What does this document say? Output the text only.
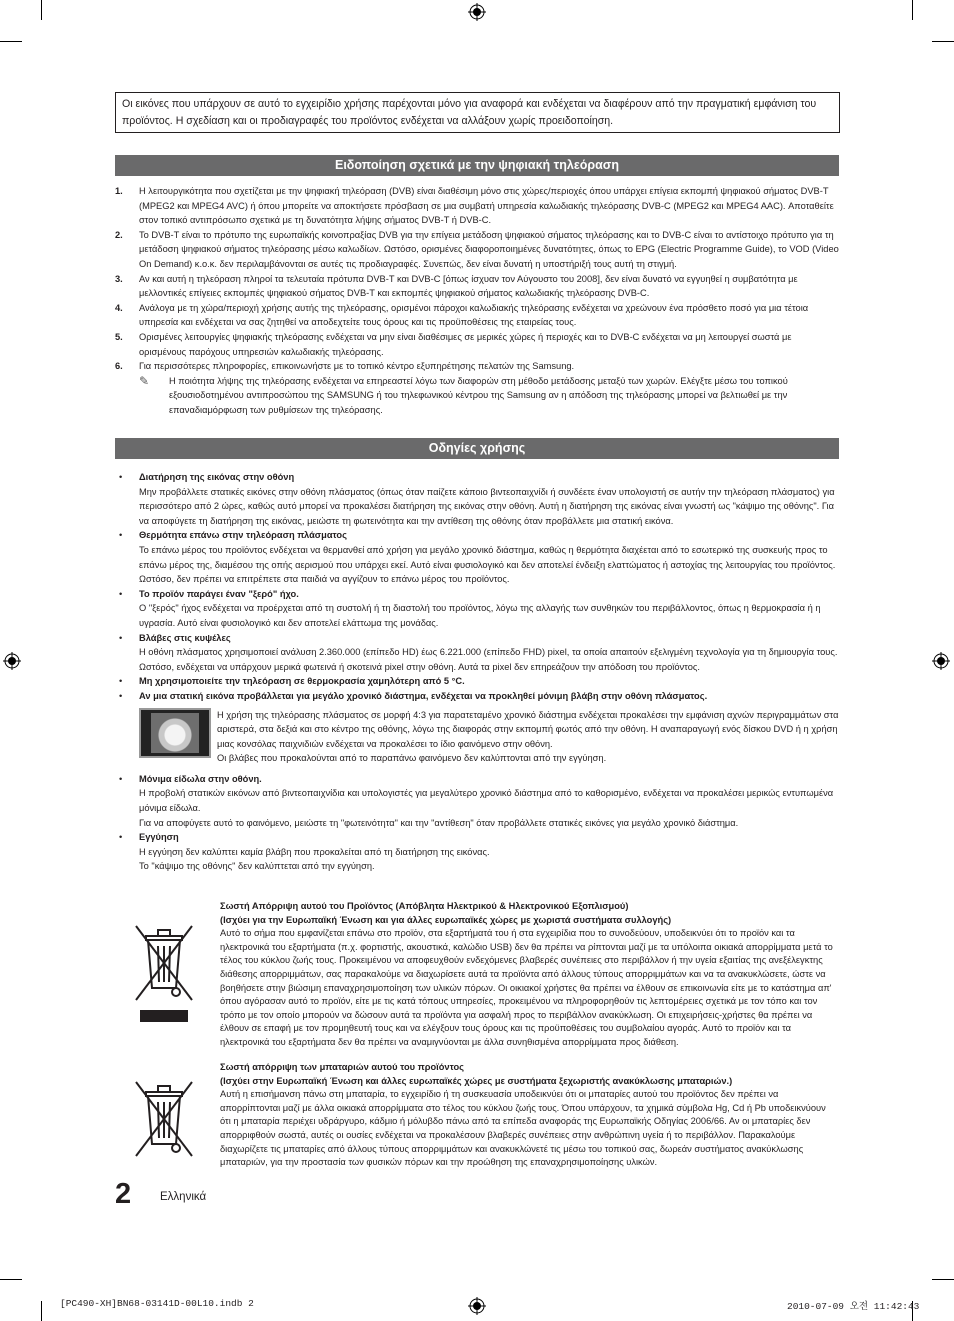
Οι εικόνες που υπάρχουν σε αυτό το εγχειρίδιο χρήσης παρέχονται μόνο για αναφορά και ενδέχεται να διαφέρουν από την πραγματική εμφάνιση του προϊόντος. Η σχεδίαση και οι προδιαγραφές του προϊόντος ενδέχεται να αλλάξουν χωρίς προειδοποίηση.
Ειδοποίηση σχετικά με την ψηφιακή τηλεόραση
1.	Η λειτουργικότητα που σχετίζεται με την ψηφιακή τηλεόραση (DVB) είναι διαθέσιμη μόνο στις χώρες/περιοχές όπου υπάρχει επίγεια εκπομπή ψηφιακού σήματος DVB-T (MPEG2 και MPEG4 AVC) ή όπου μπορείτε να αποκτήσετε πρόσβαση σε μια συμβατή υπηρεσία καλωδιακής τηλεόρασης DVB-C (MPEG2 και MPEG4 AAC). Αποταθείτε στον τοπικό αντιπρόσωπο σχετικά με τη δυνατότητα λήψης σήματος DVB-T ή DVB-C.
2.	Το DVB-T είναι το πρότυπο της ευρωπαϊκής κοινοπραξίας DVB για την επίγεια μετάδοση ψηφιακού σήματος τηλεόρασης και το DVB-C είναι το αντίστοιχο πρότυπο για τη μετάδοση ψηφιακού σήματος τηλεόρασης μέσω καλωδίων. Ωστόσο, ορισμένες διαφοροποιημένες δυνατότητες, όπως το EPG (Electric Programme Guide), το VOD (Video On Demand) κ.ο.κ. δεν περιλαμβάνονται σε αυτές τις προδιαγραφές. Συνεπώς, δεν είναι δυνατή η υποστήριξή τους αυτή τη στιγμή.
3.	Αν και αυτή η τηλεόραση πληροί τα τελευταία πρότυπα DVB-T και DVB-C [όπως ίσχυαν τον Αύγουστο του 2008], δεν είναι δυνατό να εγγυηθεί η συμβατότητα με μελλοντικές επίγειες εκπομπές ψηφιακού σήματος DVB-T και εκπομπές ψηφιακού σήματος καλωδιακής τηλεόρασης DVB-C.
4.	Ανάλογα με τη χώρα/περιοχή χρήσης αυτής της τηλεόρασης, ορισμένοι πάροχοι καλωδιακής τηλεόρασης ενδέχεται να χρεώνουν ένα πρόσθετο ποσό για μια τέτοια υπηρεσία και ενδέχεται να σας ζητηθεί να αποδεχτείτε τους όρους και τις προϋποθέσεις της εταιρείας τους.
5.	Ορισμένες λειτουργίες ψηφιακής τηλεόρασης ενδέχεται να μην είναι διαθέσιμες σε μερικές χώρες ή περιοχές και το DVB-C ενδέχεται να μη λειτουργεί σωστά με ορισμένους παρόχους υπηρεσιών καλωδιακής τηλεόρασης.
6.	Για περισσότερες πληροφορίες, επικοινωνήστε με το τοπικό κέντρο εξυπηρέτησης πελατών της Samsung.
✎	Η ποιότητα λήψης της τηλεόρασης ενδέχεται να επηρεαστεί λόγω των διαφορών στη μέθοδο μετάδοσης μεταξύ των χωρών. Ελέγξτε μέσω του τοπικού εξουσιοδοτημένου αντιπροσώπου της SAMSUNG ή του τηλεφωνικού κέντρου της Samsung αν η απόδοση της τηλεόρασης μπορεί να βελτιωθεί με την επαναδιαμόρφωση των ρυθμίσεων της τηλεόρασης.
Οδηγίες χρήσης
•	Διατήρηση της εικόνας στην οθόνη
Μην προβάλλετε στατικές εικόνες στην οθόνη πλάσματος (όπως όταν παίζετε κάποιο βιντεοπαιχνίδι ή συνδέετε έναν υπολογιστή σε αυτήν την τηλεόραση πλάσματος) για περισσότερο από 2 ώρες, καθώς αυτό μπορεί να προκαλέσει διατήρηση της εικόνας στην οθόνη. Αυτή η διατήρηση της εικόνας είναι γνωστή ως "κάψιμο της οθόνης". Για να αποφύγετε τη διατήρηση της εικόνας, μειώστε τη φωτεινότητα και την αντίθεση της οθόνης όταν προβάλλετε μια στατική εικόνα.
•	Θερμότητα επάνω στην τηλεόραση πλάσματος
Το επάνω μέρος του προϊόντος ενδέχεται να θερμανθεί από χρήση για μεγάλο χρονικό διάστημα, καθώς η θερμότητα διαχέεται από το εσωτερικό της συσκευής προς το επάνω μέρος της, διαμέσου της οπής αερισμού που υπάρχει εκεί. Αυτό είναι φυσιολογικό και δεν αποτελεί ένδειξη ελαττώματος ή αστοχίας της λειτουργίας του προϊόντος. Ωστόσο, δεν πρέπει να επιτρέπετε στα παιδιά να αγγίζουν το επάνω μέρος του προϊόντος.
•	Το προϊόν παράγει έναν "ξερό" ήχο.
Ο "ξερός" ήχος ενδέχεται να προέρχεται από τη συστολή ή τη διαστολή του προϊόντος, λόγω της αλλαγής των συνθηκών του περιβάλλοντος, όπως η θερμοκρασία ή η υγρασία. Αυτό είναι φυσιολογικό και δεν αποτελεί ελάττωμα της μονάδας.
•	Βλάβες στις κυψέλες
Η οθόνη πλάσματος χρησιμοποιεί ανάλυση 2.360.000 (επίπεδο HD) έως 6.221.000 (επίπεδο FHD) pixel, τα οποία απαιτούν εξελιγμένη τεχνολογία για τη δημιουργία τους. Ωστόσο, ενδέχεται να υπάρχουν μερικά φωτεινά ή σκοτεινά pixel στην οθόνη. Αυτά τα pixel δεν επηρεάζουν την απόδοση του προϊόντος.
•	Μη χρησιμοποιείτε την τηλεόραση σε θερμοκρασία χαμηλότερη από 5 °C.
•	Αν μια στατική εικόνα προβάλλεται για μεγάλο χρονικό διάστημα, ενδέχεται να προκληθεί μόνιμη βλάβη στην οθόνη πλάσματος.
Η χρήση της τηλεόρασης πλάσματος σε μορφή 4:3 για παρατεταμένο χρονικό διάστημα ενδέχεται προκαλέσει την εμφάνιση αχνών περιγραμμάτων στα αριστερά, στα δεξιά και στο κέντρο της οθόνης, λόγω της διαφοράς στην εκπομπή φωτός από την οθόνη. Η αναπαραγωγή ενός δίσκου DVD ή η χρήση μιας κονσόλας παιχνιδιών ενδέχεται να προκαλέσει το ίδιο φαινόμενο στην οθόνη.
Οι βλάβες που προκαλούνται από το παραπάνω φαινόμενο δεν καλύπτονται από την εγγύηση.
•	Μόνιμα είδωλα στην οθόνη.
Η προβολή στατικών εικόνων από βιντεοπαιχνίδια και υπολογιστές για μεγαλύτερο χρονικό διάστημα από το καθορισμένο, ενδέχεται να προκαλέσει μερικώς εντυπωμένα μόνιμα είδωλα.
Για να αποφύγετε αυτό το φαινόμενο, μειώστε τη "φωτεινότητα" και την "αντίθεση" όταν προβάλλετε στατικές εικόνες για μεγάλο χρονικό διάστημα.
•	Εγγύηση
Η εγγύηση δεν καλύπτει καμία βλάβη που προκαλείται από τη διατήρηση της εικόνας.
Το "κάψιμο της οθόνης" δεν καλύπτεται από την εγγύηση.
Σωστή Απόρριψη αυτού του Προϊόντος (Απόβλητα Ηλεκτρικού & Ηλεκτρονικού Εξοπλισμού)
(Ισχύει για την Ευρωπαϊκή Ένωση και για άλλες ευρωπαϊκές χώρες με χωριστά συστήματα συλλογής)
Αυτό το σήμα που εμφανίζεται επάνω στο προϊόν, στα εξαρτήματά του ή στα εγχειρίδια που το συνοδεύουν, υποδεικνύει ότι το προϊόν και τα ηλεκτρονικά του εξαρτήματα (π.χ. φορτιστής, ακουστικά, καλώδιο USB) δεν θα πρέπει να ρίπτονται μαζί με τα υπόλοιπα οικιακά απορρίμματα μετά το τέλος του κύκλου ζωής τους. Προκειμένου να αποφευχθούν ενδεχόμενες βλαβερές συνέπειες στο περιβάλλον ή την υγεία εξαιτίας της ανεξέλεγκτης διάθεσης απορριμμάτων, σας παρακαλούμε να διαχωρίσετε αυτά τα προϊόντα από άλλους τύπους απορριμμάτων και να τα ανακυκλώσετε, ώστε να βοηθήσετε στην βιώσιμη επαναχρησιμοποίηση των υλικών πόρων. Οι οικιακοί χρήστες θα πρέπει να έλθουν σε επικοινωνία είτε με το κατάστημα απ' όπου αγόρασαν αυτό το προϊόν, είτε με τις κατά τόπους υπηρεσίες, προκειμένου να πληροφορηθούν τις λεπτομέρειες σχετικά με τον τόπο και τον τρόπο με τον οποίο μπορούν να δώσουν αυτά τα προϊόντα για ασφαλή προς το περιβάλλον ανακύκλωση. Οι επιχειρήσεις-χρήστες θα πρέπει να έλθουν σε επαφή με τον προμηθευτή τους και να ελέγξουν τους όρους και τις προϋποθέσεις του συμβολαίου αγοράς. Αυτό το προϊόν και τα ηλεκτρονικά του εξαρτήματα δεν θα πρέπει να αναμιγνύονται με άλλα συνηθισμένα απορρίμματα προς διάθεση.
Σωστή απόρριψη των μπαταριών αυτού του προϊόντος
(Ισχύει στην Ευρωπαϊκή Ένωση και άλλες ευρωπαϊκές χώρες με συστήματα ξεχωριστής ανακύκλωσης μπαταριών.)
Αυτή η επισήμανση πάνω στη μπαταρία, το εγχειρίδιο ή τη συσκευασία υποδεικνύει ότι οι μπαταρίες αυτού του προϊόντος δεν πρέπει να απορρίπτονται μαζί με άλλα οικιακά απορρίμματα στο τέλος του κύκλου ζωής τους. Όπου υπάρχουν, τα χημικά σύμβολα Hg, Cd ή Pb υποδεικνύουν ότι η μπαταρία περιέχει υδράργυρο, κάδμιο ή μόλυβδο πάνω από τα επίπεδα αναφοράς της Ευρωπαϊκής Οδηγίας 2006/66. Αν οι μπαταρίες δεν απορριφθούν σωστά, αυτές οι ουσίες ενδέχεται να προκαλέσουν βλαβερές συνέπειες στην ανθρώπινη υγεία ή το περιβάλλον. Παρακαλούμε διαχωρίζετε τις μπαταρίες από άλλους τύπους απορριμμάτων και ανακυκλώνετέ τις μέσω του τοπικού σας, δωρεάν συστήματος ανακύκλωσης μπαταριών, για την προστασία των φυσικών πόρων και την προώθηση της επαναχρησιμοποίησης υλικών.
2	Ελληνικά
[PC490-XH]BN68-03141D-00L10.indb 2	2010-07-09 오전 11:42:43
